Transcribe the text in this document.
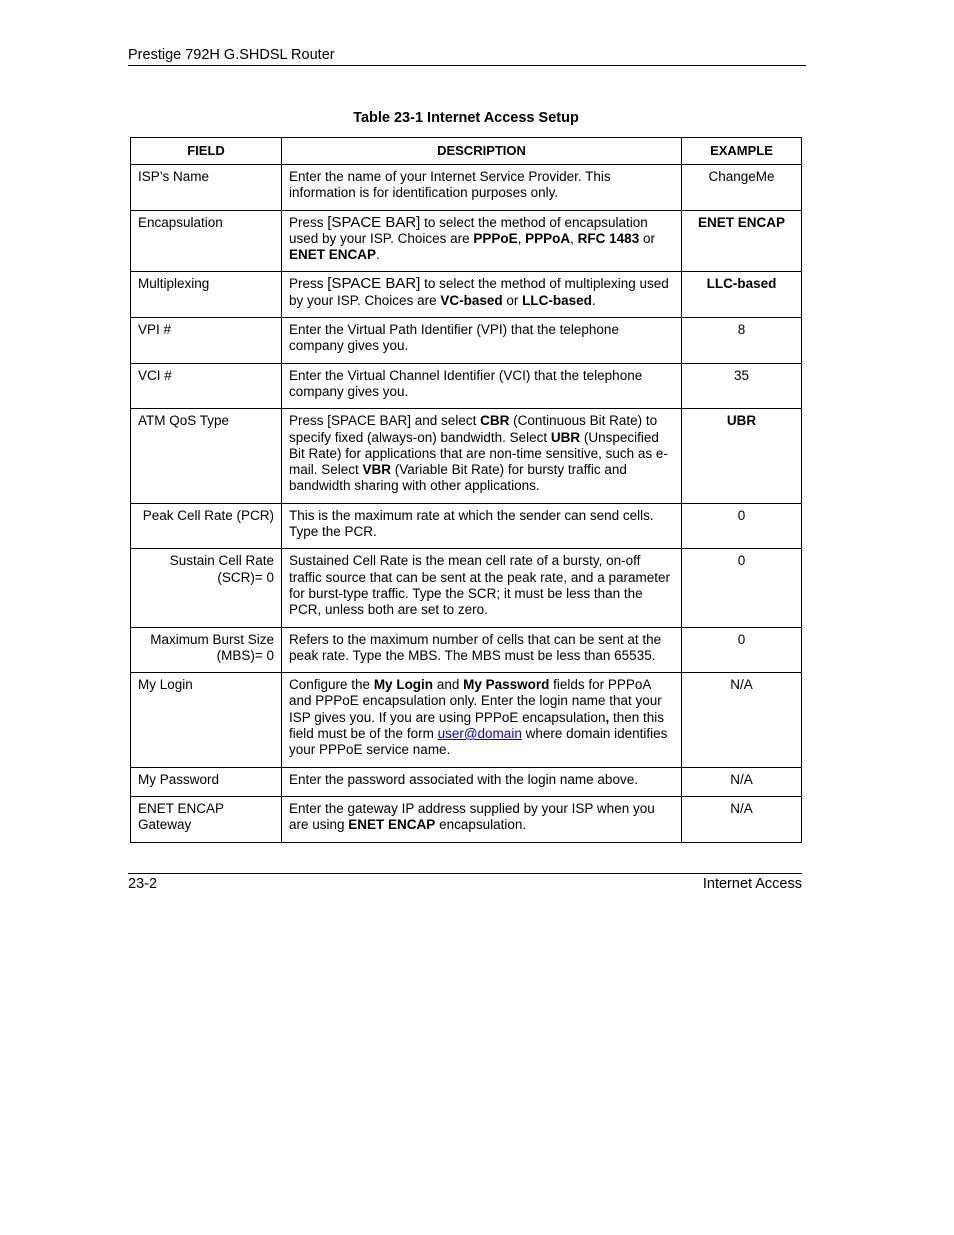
Prestige 792H G.SHDSL Router
Table 23-1 Internet Access Setup
FIELD	DESCRIPTION	EXAMPLE
ISP’s Name	Enter the name of your Internet Service Provider. This information is for identification purposes only.	ChangeMe
Encapsulation	Press [SPACE BAR] to select the method of encapsulation used by your ISP. Choices are PPPoE, PPPoA, RFC 1483 or ENET ENCAP.	ENET ENCAP
Multiplexing	Press [SPACE BAR] to select the method of multiplexing used by your ISP. Choices are VC-based or LLC-based.	LLC-based
VPI #	Enter the Virtual Path Identifier (VPI) that the telephone company gives you.	8
VCI #	Enter the Virtual Channel Identifier (VCI) that the telephone company gives you.	35
ATM QoS Type	Press [SPACE BAR] and select CBR (Continuous Bit Rate) to specify fixed (always-on) bandwidth. Select UBR (Unspecified Bit Rate) for applications that are non-time sensitive, such as e-mail. Select VBR (Variable Bit Rate) for bursty traffic and bandwidth sharing with other applications.	UBR
Peak Cell Rate (PCR)	This is the maximum rate at which the sender can send cells. Type the PCR.	0
Sustain Cell Rate (SCR)= 0	Sustained Cell Rate is the mean cell rate of a bursty, on-off traffic source that can be sent at the peak rate, and a parameter for burst-type traffic. Type the SCR; it must be less than the PCR, unless both are set to zero.	0
Maximum Burst Size (MBS)= 0	Refers to the maximum number of cells that can be sent at the peak rate. Type the MBS. The MBS must be less than 65535.	0
My Login	Configure the My Login and My Password fields for PPPoA and PPPoE encapsulation only. Enter the login name that your ISP gives you. If you are using PPPoE encapsulation, then this field must be of the form user@domain where domain identifies your PPPoE service name.	N/A
My Password	Enter the password associated with the login name above.	N/A
ENET ENCAP Gateway	Enter the gateway IP address supplied by your ISP when you are using ENET ENCAP encapsulation.	N/A
23-2	Internet Access
